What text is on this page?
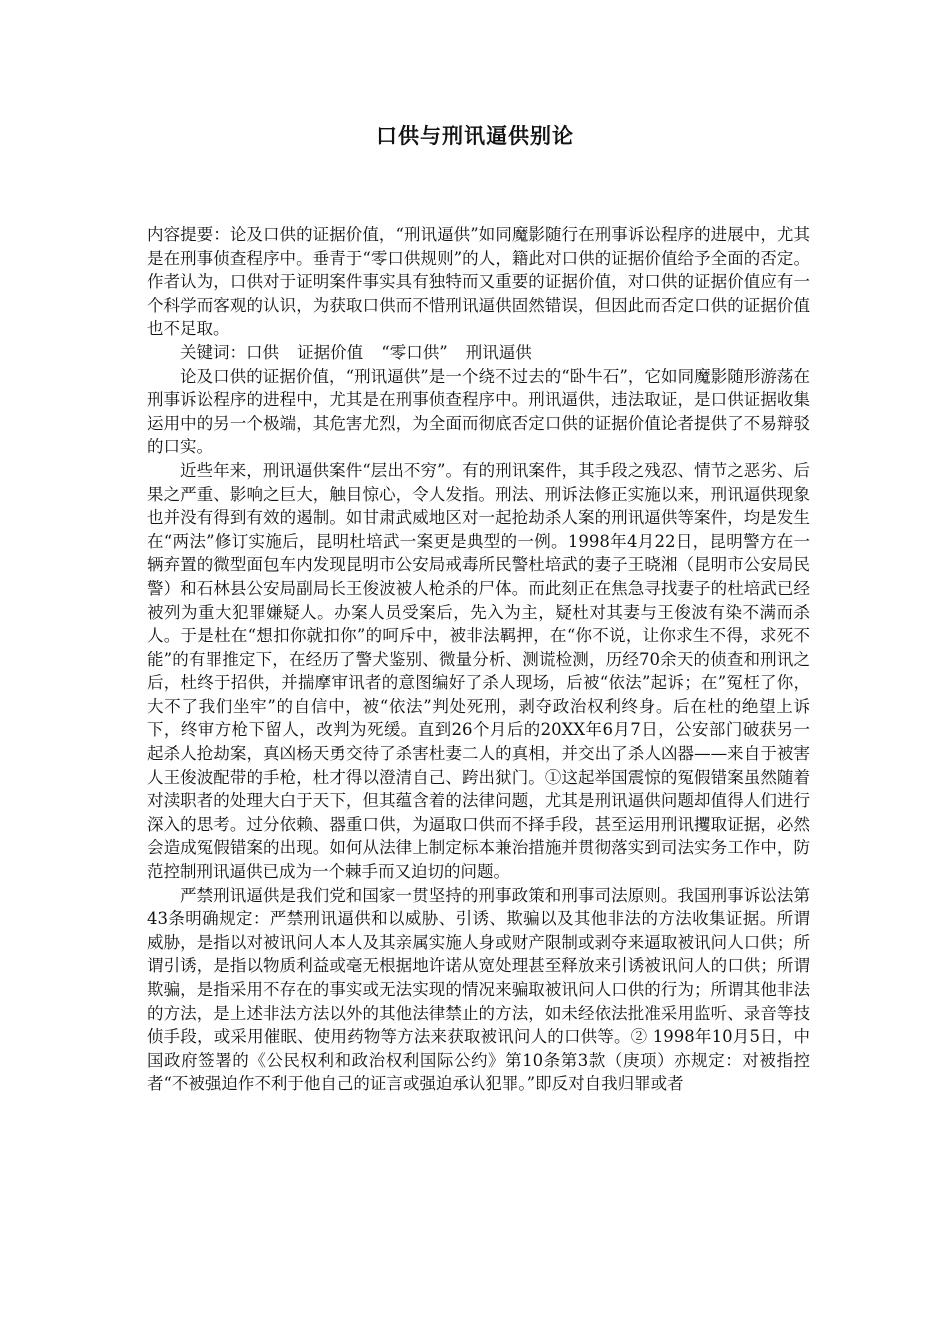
口供与刑讯逼供别论

内容提要：论及口供的证据价值，“刑讯逼供”如同魔影随行在刑事诉讼程序的进展中，尤其是在刑事侦查程序中。垂青于“零口供规则”的人，籍此对口供的证据价值给予全面的否定。作者认为，口供对于证明案件事实具有独特而又重要的证据价值，对口供的证据价值应有一个科学而客观的认识，为获取口供而不惜刑讯逼供固然错误，但因此而否定口供的证据价值也不足取。

关键词：口供 证据价值 “零口供” 刑讯逼供

论及口供的证据价值，“刑讯逼供”是一个绕不过去的“卧牛石”，它如同魔影随形游荡在刑事诉讼程序的进程中，尤其是在刑事侦查程序中。刑讯逼供，违法取证，是口供证据收集运用中的另一个极端，其危害尤烈，为全面而彻底否定口供的证据价值论者提供了不易辩驳的口实。

近些年来，刑讯逼供案件“层出不穷”。有的刑讯案件，其手段之残忍、情节之恶劣、后果之严重、影响之巨大，触目惊心，令人发指。刑法、刑诉法修正实施以来，刑讯逼供现象也并没有得到有效的遏制。如甘肃武威地区对一起抢劫杀人案的刑讯逼供等案件，均是发生在“两法”修订实施后，昆明杜培武一案更是典型的一例。1998年4月22日，昆明警方在一辆弃置的微型面包车内发现昆明市公安局戒毒所民警杜培武的妻子王晓湘（昆明市公安局民警）和石林县公安局副局长王俊波被人枪杀的尸体。而此刻正在焦急寻找妻子的杜培武已经被列为重大犯罪嫌疑人。办案人员受案后，先入为主，疑杜对其妻与王俊波有染不满而杀人。于是杜在“想扣你就扣你”的呵斥中，被非法羁押，在“你不说，让你求生不得，求死不能”的有罪推定下，在经历了警犬鉴别、微量分析、测谎检测，历经70余天的侦查和刑讯之后，杜终于招供，并揣摩审讯者的意图编好了杀人现场，后被“依法”起诉；在”冤枉了你，大不了我们坐牢”的自信中，被“依法”判处死刑，剥夺政治权利终身。后在杜的绝望上诉下，终审方枪下留人，改判为死缓。直到26个月后的20XX年6月7日，公安部门破获另一起杀人抢劫案，真凶杨天勇交待了杀害杜妻二人的真相，并交出了杀人凶器——来自于被害人王俊波配带的手枪，杜才得以澄清自己、跨出狱门。①这起举国震惊的冤假错案虽然随着对渎职者的处理大白于天下，但其蕴含着的法律问题，尤其是刑讯逼供问题却值得人们进行深入的思考。过分依赖、器重口供，为逼取口供而不择手段，甚至运用刑讯攫取证据，必然会造成冤假错案的出现。如何从法律上制定标本兼治措施并贯彻落实到司法实务工作中，防范控制刑讯逼供已成为一个棘手而又迫切的问题。

严禁刑讯逼供是我们党和国家一贯坚持的刑事政策和刑事司法原则。我国刑事诉讼法第43条明确规定：严禁刑讯逼供和以威胁、引诱、欺骗以及其他非法的方法收集证据。所谓威胁，是指以对被讯问人本人及其亲属实施人身或财产限制或剥夺来逼取被讯问人口供；所谓引诱，是指以物质利益或毫无根据地许诺从宽处理甚至释放来引诱被讯问人的口供；所谓欺骗，是指采用不存在的事实或无法实现的情况来骗取被讯问人口供的行为；所谓其他非法的方法，是上述非法方法以外的其他法律禁止的方法，如未经依法批准采用监听、录音等技侦手段，或采用催眠、使用药物等方法来获取被讯问人的口供等。② 1998年10月5日，中国政府签署的《公民权利和政治权利国际公约》第10条第3款（庚项）亦规定：对被指控者“不被强迫作不利于他自己的证言或强迫承认犯罪。”即反对自我归罪或者
